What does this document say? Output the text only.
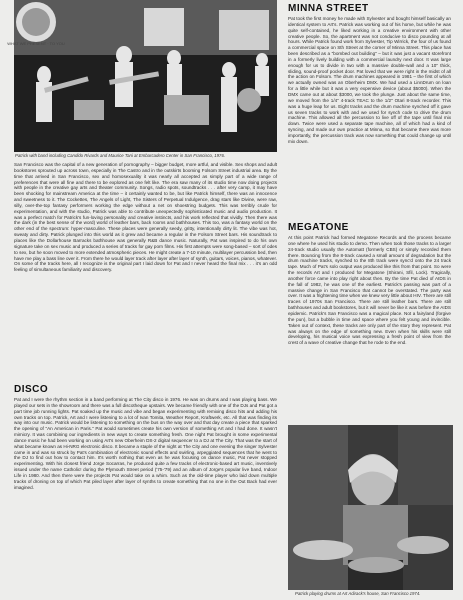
WHAT WE PRESENT · TO YOU
Patrick with band including Candido Rivards and Maurice Tani at Embarcadero Center in San Francisco, 1976.

San Francisco was the capital of a new generation of pornography – bigger budget, more artful, and visible. Sex shops and adult bookstores sprouted up across town, especially in The Castro and in the outskirts booming Folsom Street industrial area. By the time that arrived in San Francisco, sex and homosexuality it was nearly all accepted as simply part of a wide range of preferences that were all fine and there to be explored as one felt like. The era saw many of its studio time now doing projects with people in the creative gay arts and theater community. Songs, radio spots, soundtracks . . . after very camp, it may have been shocking for mainstream America at the time – it certainly wanted to be, but like Patrick himself, there was an innocence and sweetness to it. The Cockettes, The Angels of Light, The Sisters of Perpetual Indulgence, drag stars like Divine, were raw, silly, over-the-top fantasy performers working the edge without a net on shoestring budgets. This was terribly crude for experimentation, and with the studio, Patrick was able to contribute unexpectedly sophisticated music and audio production. It was a perfect match for Patrick's fun-loving personality and creative instincts, and his work reflected that vividly. Then there was the dark (in the best sense of the word) world of leather bars, back rooms and bathhouses. This too, was a fantasy world on the other end of the spectrum: hyper-masculine. These places were generally seedy, gritty, intentionally dirty lit. The vibe was hot, sweaty and dirty. Patrick plunged into this world as it grew and became a regular in the Folsom Street bars. His soundtrack to places like the Dollarhouse Barracks bathhouse was generally R&B dance music. Naturally, Pat was inspired to do his own signature take on sex music and produced a series of tracks for gay porn films. His first attempts were song-based – sort of odes to sex, but he soon moved to more extended atmospheric pieces. He might create a 7-10 minute, multilayer percussion bed, then have me play a bass line over it. From there he would layer track after layer after layer of synth, guitars, voices, pianos, whatever. On some of the tracks here, all I recognize is the original part I laid down for Pat and I never heard the final mix . . . it's an odd feeling of simultaneous familiarity and discovery.

DISCO

Pat and I were the rhythm section in a band performing at The City disco in 1976. He was on drums and I was playing bass. We played our sets in the showroom and there was a full discotheque upstairs. We became friendly with one of the DJs and Pat got a part time job running lights. Pat soaked up the music and vibe and began experimenting with remixing disco hits and adding his own tracks on top. Patrick, Art and I were listening to a lot of Ivan Tomita, Weather Report, Kraftwerk, etc. All that was finding its way into our music. Patrick would be listening to something on the bus on the way over and that day create a piece that sparked the opening of "An American in Paris." Pat would sometimes create his own version of something Art and I had done. It wasn't mimicry. It was combining our ingredients in new ways to create something fresh. One night Pat brought in some experimental dance music he had been working on using Art's new Oberheim DS-2 digital sequencer to a DJ at The City. That was the start of what became known as Hi-NRG electronic disco. It became a staple of the night at The City and one evening the singer Sylvester came in and was so struck by Pat's combination of electronic sound effects and swirling, arpeggiated sequences that he went to the DJ to find out how to contact him. It's worth nothing that even as he was focusing on dance music, Pat never stopped experimenting. With his closest friend Jorge Socarras, he produced quite a few tracks of electronic-based art music, inventively issued under the name Catholic! during the Plymouth Street period ('75-'79) and an album of Jorge's popular live band, Indoor Life in 1980. And then there were the projects Pat would take on a whim. Such as the old-time player who laid down multiple tracks of droning on top of which Pat piled layer after layer of synths to create something that no one in the Out Back had ever imagined.

MINNA STREET

Pat took the first money he made with Sylvester and bought himself basically an identical system to Art's. Patrick was working out of his home, but while he was quite self-contained, he liked working in a creative environment with other creative people. So, the apartment was not conducive to disco pounding at all hours. While Patrick found work from Sylvester, Tip Wirrick, the four of us found a commercial space on Sth Street at the corner of Minna Street. This place has been described as a "bombed out building" – but it was just a vacant storefront in a formerly lively building with a commercial laundry next door. It was large enough for us to divide in two with a massive double-wall and a 10" thick, sliding, sound-proof pocket door. Pat loved that we were right in the midst of all the action on Folsom. The drum machines appeared in 1981 – the first of which we actually owned was an Oberheim DMX. We had used a LinnDrum on loan for a little while but it was a very expensive device (about $5000). When the DMX came out at about $3000, we took the plunge. Just about the same time, we moved from the 1/4" 4-track TEAC to the 1/2" Otari 8-track recorder. This was a huge leap for us. Eight tracks and the drum machine synched off it gave us seven tracks to work with and we used for synch code to drive the drum machine. This allowed all the percussion to live off of the tape until final mix down. Twice were used a separate tape machine, all of which had a kind of syncing, and made our own practice at Minna, so that became there was more importantly, the percussion track was now something that could change up until mix down.

MEGATONE

At this point Patrick had formed Megatone Records and the process became one where he used his studio to demo. Then when took those tracks to a larger 24-track studio usually the Automatt (formerly CBS) or simply recorded them there. Bouncing from the 8-track caused a small amount of degradation but the drum machine tracks, synched to the 8th track were sync'd onto the 24 track tape. Much of Pat's solo output was produced like this from that point. So were the records Art and I produced for Megatone (Shirani, Sfil, Lock). Tragically, another force came into play right about then. By the time Pat died of AIDS in the fall of 1982, he was one of the earliest. Patrick's passing was part of a massive change in San Francisco that cannot be overstated. The party was over. It was a frightening time when we knew very little about HIV. There are still traces of 1970s San Francisco. There are still leather bars. There are still bathhouses and adult bookstores, but it will never be like it was before the AIDS epidemic. Patrick's San Francisco was a magical place. Not a fairyland (forgive the pun), but a bubble in time and space where you felt young and invincible. Taken out of context, these tracks are only part of the story they represent. Pat was always on the edge of something new. Even when his skills were still developing, his musical voice was expressing a fresh point of view from the crest of a wave of creative change that he rode to the end.

Patrick playing drums at Art Adirack's house, San Francisco 1974.
